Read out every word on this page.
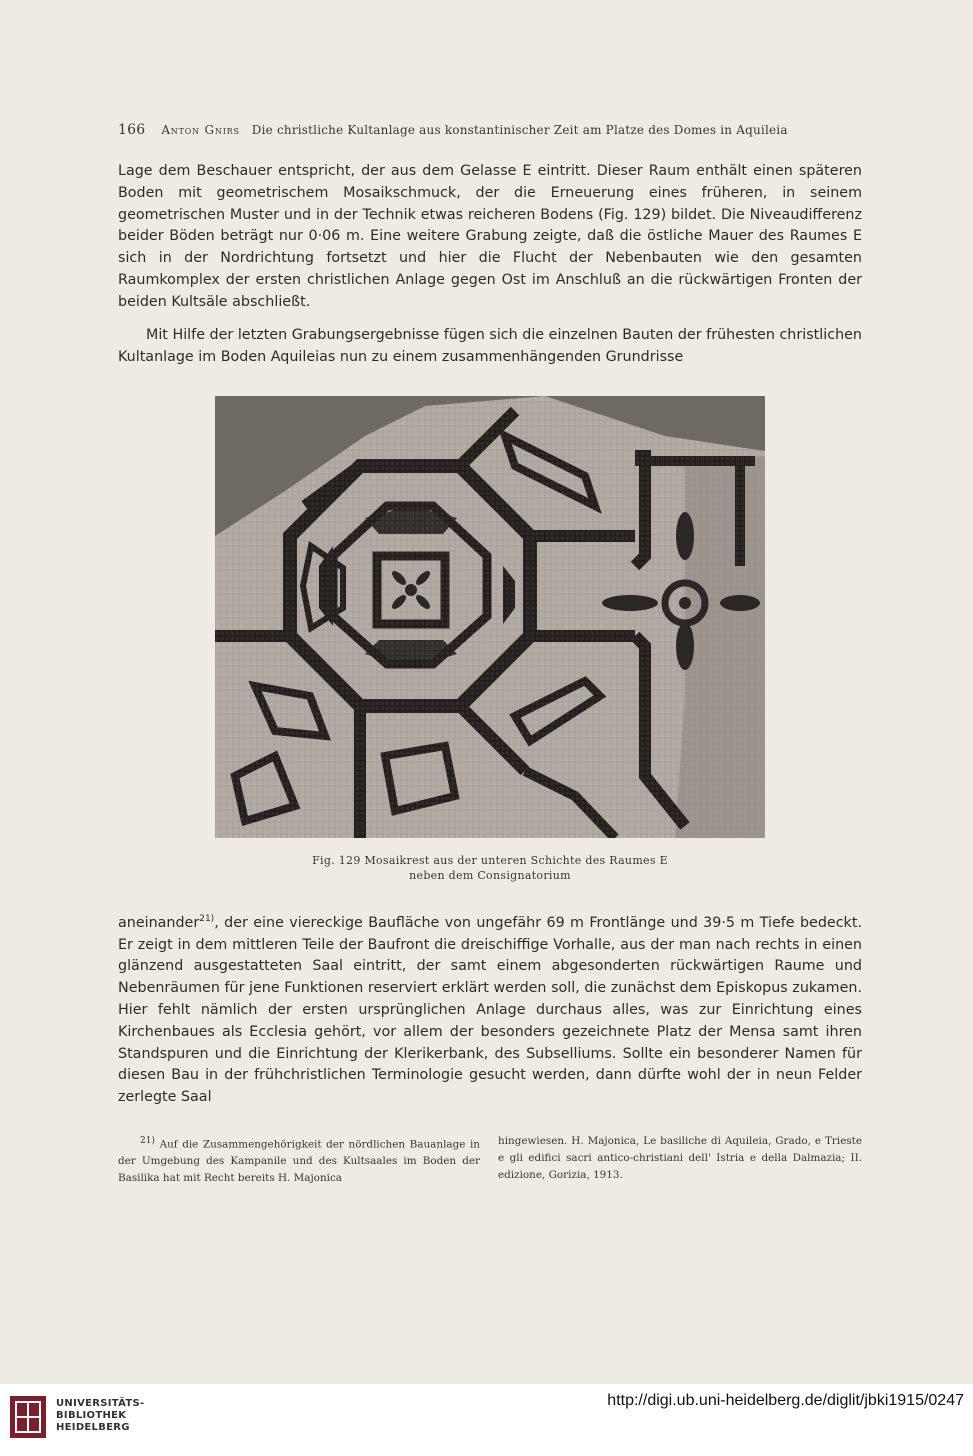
166 Anton Gnirs Die christliche Kultanlage aus konstantinischer Zeit am Platze des Domes in Aquileia
Lage dem Beschauer entspricht, der aus dem Gelasse E eintritt. Dieser Raum enthält einen späteren Boden mit geometrischem Mosaikschmuck, der die Erneuerung eines früheren, in seinem geometrischen Muster und in der Technik etwas reicheren Bodens (Fig. 129) bildet. Die Niveaudifferenz beider Böden beträgt nur 0·06 m. Eine weitere Grabung zeigte, daß die östliche Mauer des Raumes E sich in der Nordrichtung fortsetzt und hier die Flucht der Nebenbauten wie den gesamten Raumkomplex der ersten christlichen Anlage gegen Ost im Anschluß an die rückwärtigen Fronten der beiden Kultsäle abschließt.
Mit Hilfe der letzten Grabungsergebnisse fügen sich die einzelnen Bauten der frühesten christlichen Kultanlage im Boden Aquileias nun zu einem zusammenhängenden Grundrisse
Fig. 129 Mosaikrest aus der unteren Schichte des Raumes E
neben dem Consignatorium
aneinander$^{21)}$, der eine viereckige Baufläche von ungefähr 69 m Frontlänge und 39·5 m Tiefe bedeckt. Er zeigt in dem mittleren Teile der Baufront die dreischiffige Vorhalle, aus der man nach rechts in einen glänzend ausgestatteten Saal eintritt, der samt einem abgesonderten rückwärtigen Raume und Nebenräumen für jene Funktionen reserviert erklärt werden soll, die zunächst dem Episkopus zukamen. Hier fehlt nämlich der ersten ursprünglichen Anlage durchaus alles, was zur Einrichtung eines Kirchenbaues als Ecclesia gehört, vor allem der besonders gezeichnete Platz der Mensa samt ihren Standspuren und die Einrichtung der Klerikerbank, des Subselliums. Sollte ein besonderer Namen für diesen Bau in der frühchristlichen Terminologie gesucht werden, dann dürfte wohl der in neun Felder zerlegte Saal
$^{21)}$ Auf die Zusammengehörigkeit der nördlichen Bauanlage in der Umgebung des Kampanile und des Kultsaales im Boden der Basilika hat mit Recht bereits H. Majonica
hingewiesen. H. Majonica, Le basiliche di Aquileia, Grado, e Trieste e gli edifici sacri antico-christiani dell' Istria e della Dalmazia; II. edizione, Gorizia, 1913.
UNIVERSITÄTS-
BIBLIOTHEK
HEIDELBERG
http://digi.ub.uni-heidelberg.de/diglit/jbki1915/0247
